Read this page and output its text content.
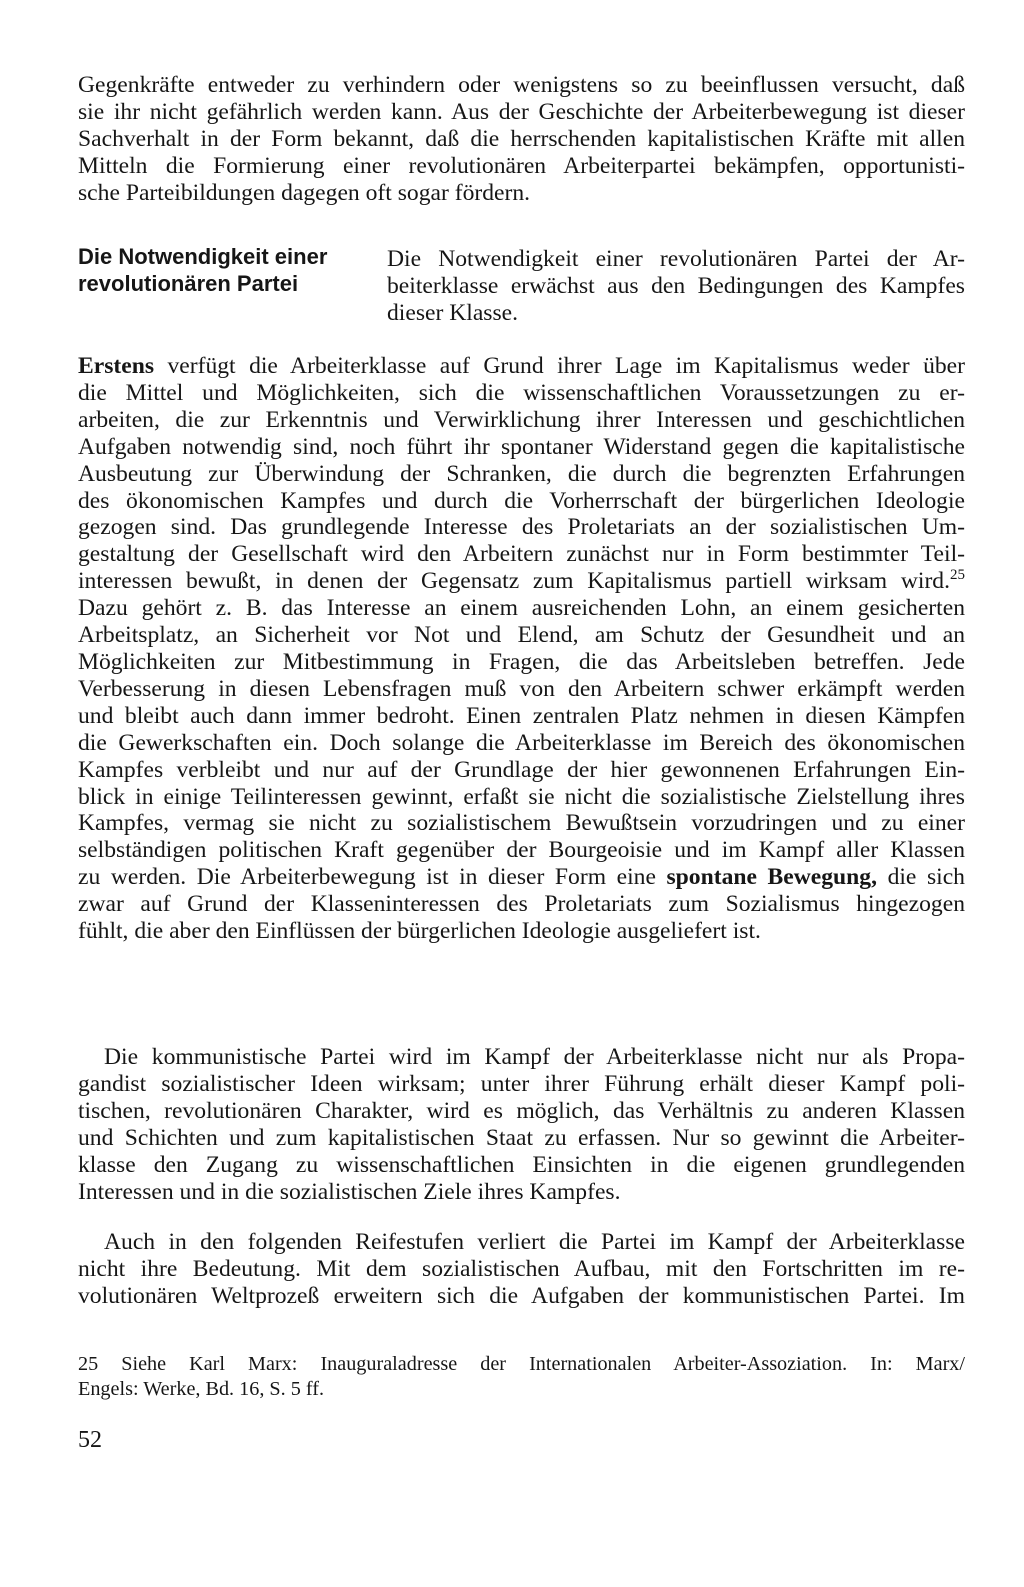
Gegenkräfte entweder zu verhindern oder wenigstens so zu beeinflussen versucht, daß
sie ihr nicht gefährlich werden kann. Aus der Geschichte der Arbeiterbewegung ist dieser
Sachverhalt in der Form bekannt, daß die herrschenden kapitalistischen Kräfte mit allen
Mitteln die Formierung einer revolutionären Arbeiterpartei bekämpfen, opportunisti-
sche Parteibildungen dagegen oft sogar fördern.
Die Notwendigkeit einer
revolutionären Partei
Die Notwendigkeit einer revolutionären Partei der Ar-
beiterklasse erwächst aus den Bedingungen des Kampfes
dieser Klasse.
Erstens verfügt die Arbeiterklasse auf Grund ihrer Lage im Kapitalismus weder über
die Mittel und Möglichkeiten, sich die wissenschaftlichen Voraussetzungen zu er-
arbeiten, die zur Erkenntnis und Verwirklichung ihrer Interessen und geschichtlichen
Aufgaben notwendig sind, noch führt ihr spontaner Widerstand gegen die kapitalistische
Ausbeutung zur Überwindung der Schranken, die durch die begrenzten Erfahrungen
des ökonomischen Kampfes und durch die Vorherrschaft der bürgerlichen Ideologie
gezogen sind. Das grundlegende Interesse des Proletariats an der sozialistischen Um-
gestaltung der Gesellschaft wird den Arbeitern zunächst nur in Form bestimmter Teil-
interessen bewußt, in denen der Gegensatz zum Kapitalismus partiell wirksam wird.$^{25}$
Dazu gehört z. B. das Interesse an einem ausreichenden Lohn, an einem gesicherten
Arbeitsplatz, an Sicherheit vor Not und Elend, am Schutz der Gesundheit und an
Möglichkeiten zur Mitbestimmung in Fragen, die das Arbeitsleben betreffen. Jede
Verbesserung in diesen Lebensfragen muß von den Arbeitern schwer erkämpft werden
und bleibt auch dann immer bedroht. Einen zentralen Platz nehmen in diesen Kämpfen
die Gewerkschaften ein. Doch solange die Arbeiterklasse im Bereich des ökonomischen
Kampfes verbleibt und nur auf der Grundlage der hier gewonnenen Erfahrungen Ein-
blick in einige Teilinteressen gewinnt, erfaßt sie nicht die sozialistische Zielstellung ihres
Kampfes, vermag sie nicht zu sozialistischem Bewußtsein vorzudringen und zu einer
selbständigen politischen Kraft gegenüber der Bourgeoisie und im Kampf aller Klassen
zu werden. Die Arbeiterbewegung ist in dieser Form eine spontane Bewegung, die sich
zwar auf Grund der Klasseninteressen des Proletariats zum Sozialismus hingezogen
fühlt, die aber den Einflüssen der bürgerlichen Ideologie ausgeliefert ist.
Die kommunistische Partei wird im Kampf der Arbeiterklasse nicht nur als Propa-
gandist sozialistischer Ideen wirksam; unter ihrer Führung erhält dieser Kampf poli-
tischen, revolutionären Charakter, wird es möglich, das Verhältnis zu anderen Klassen
und Schichten und zum kapitalistischen Staat zu erfassen. Nur so gewinnt die Arbeiter-
klasse den Zugang zu wissenschaftlichen Einsichten in die eigenen grundlegenden
Interessen und in die sozialistischen Ziele ihres Kampfes.
Auch in den folgenden Reifestufen verliert die Partei im Kampf der Arbeiterklasse
nicht ihre Bedeutung. Mit dem sozialistischen Aufbau, mit den Fortschritten im re-
volutionären Weltprozeß erweitern sich die Aufgaben der kommunistischen Partei. Im
25 Siehe Karl Marx: Inauguraladresse der Internationalen Arbeiter-Assoziation. In: Marx/
Engels: Werke, Bd. 16, S. 5 ff.
52
